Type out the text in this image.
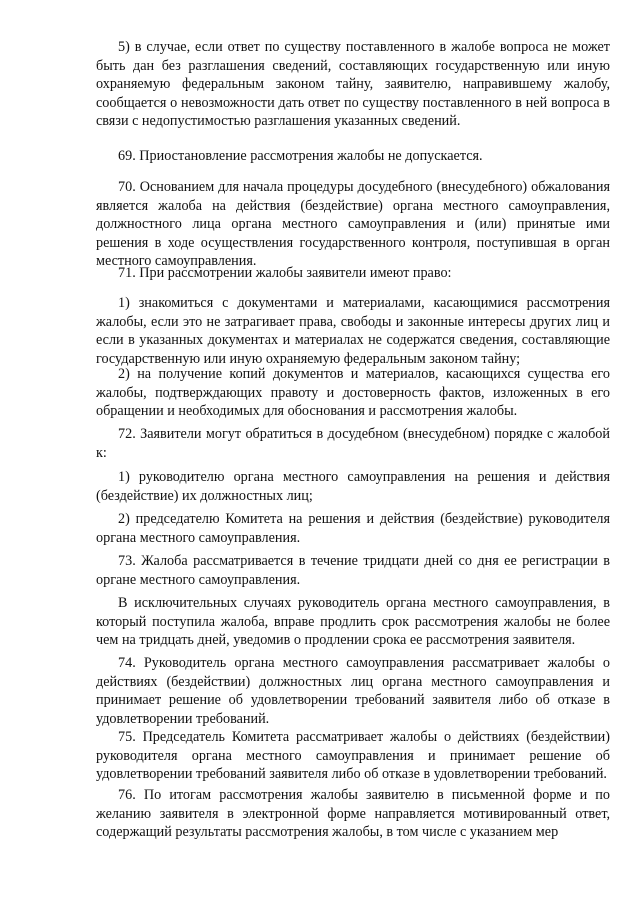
5) в случае, если ответ по существу поставленного в жалобе вопроса не может быть дан без разглашения сведений, составляющих государственную или иную охраняемую федеральным законом тайну, заявителю, направившему жалобу, сообщается о невозможности дать ответ по существу поставленного в ней вопроса в связи с недопустимостью разглашения указанных сведений.

69. Приостановление рассмотрения жалобы не допускается.

70. Основанием для начала процедуры досудебного (внесудебного) обжалования является жалоба на действия (бездействие) органа местного самоуправления, должностного лица органа местного самоуправления и (или) принятые ими решения в ходе осуществления государственного контроля, поступившая в орган местного самоуправления.

71. При рассмотрении жалобы заявители имеют право:

1) знакомиться с документами и материалами, касающимися рассмотрения жалобы, если это не затрагивает права, свободы и законные интересы других лиц и если в указанных документах и материалах не содержатся сведения, составляющие государственную или иную охраняемую федеральным законом тайну;

2) на получение копий документов и материалов, касающихся существа его жалобы, подтверждающих правоту и достоверность фактов, изложенных в его обращении и необходимых для обоснования и рассмотрения жалобы.

72. Заявители могут обратиться в досудебном (внесудебном) порядке с жалобой к:

1) руководителю органа местного самоуправления на решения и действия (бездействие) их должностных лиц;

2) председателю Комитета на решения и действия (бездействие) руководителя органа местного самоуправления.

73. Жалоба рассматривается в течение тридцати дней со дня ее регистрации в органе местного самоуправления.

В исключительных случаях руководитель органа местного самоуправления, в который поступила жалоба, вправе продлить срок рассмотрения жалобы не более чем на тридцать дней, уведомив о продлении срока ее рассмотрения заявителя.

74. Руководитель органа местного самоуправления рассматривает жалобы о действиях (бездействии) должностных лиц органа местного самоуправления и принимает решение об удовлетворении требований заявителя либо об отказе в удовлетворении требований.

75. Председатель Комитета рассматривает жалобы о действиях (бездействии) руководителя органа местного самоуправления и принимает решение об удовлетворении требований заявителя либо об отказе в удовлетворении требований.

76. По итогам рассмотрения жалобы заявителю в письменной форме и по желанию заявителя в электронной форме направляется мотивированный ответ, содержащий результаты рассмотрения жалобы, в том числе с указанием мер
